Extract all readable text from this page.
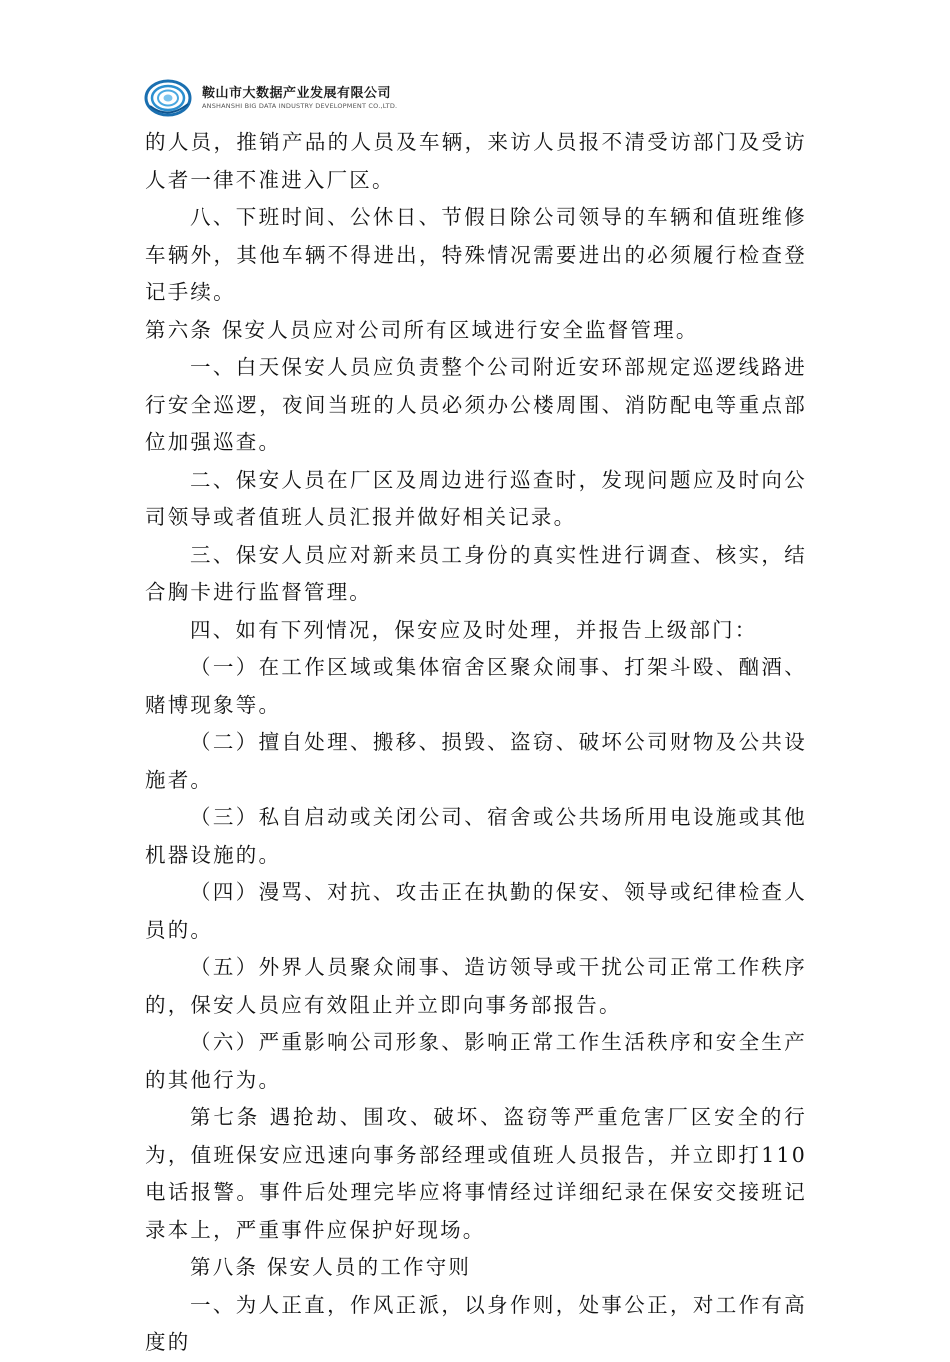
鞍山市大数据产业发展有限公司
ANSHANSHI BIG DATA INDUSTRY DEVELOPMENT CO.,LTD.

的人员，推销产品的人员及车辆，来访人员报不清受访部门及受访人者一律不准进入厂区。

八、下班时间、公休日、节假日除公司领导的车辆和值班维修车辆外，其他车辆不得进出，特殊情况需要进出的必须履行检查登记手续。

第六条 保安人员应对公司所有区域进行安全监督管理。

一、白天保安人员应负责整个公司附近安环部规定巡逻线路进行安全巡逻，夜间当班的人员必须办公楼周围、消防配电等重点部位加强巡查。

二、保安人员在厂区及周边进行巡查时，发现问题应及时向公司领导或者值班人员汇报并做好相关记录。

三、保安人员应对新来员工身份的真实性进行调查、核实，结合胸卡进行监督管理。

四、如有下列情况，保安应及时处理，并报告上级部门：

（一）在工作区域或集体宿舍区聚众闹事、打架斗殴、酗酒、赌博现象等。

（二）擅自处理、搬移、损毁、盗窃、破坏公司财物及公共设施者。

（三）私自启动或关闭公司、宿舍或公共场所用电设施或其他机器设施的。

（四）漫骂、对抗、攻击正在执勤的保安、领导或纪律检查人员的。

（五）外界人员聚众闹事、造访领导或干扰公司正常工作秩序的，保安人员应有效阻止并立即向事务部报告。

（六）严重影响公司形象、影响正常工作生活秩序和安全生产的其他行为。

第七条 遇抢劫、围攻、破坏、盗窃等严重危害厂区安全的行为，值班保安应迅速向事务部经理或值班人员报告，并立即打110电话报警。事件后处理完毕应将事情经过详细纪录在保安交接班记录本上，严重事件应保护好现场。

第八条 保安人员的工作守则

一、为人正直，作风正派，以身作则，处事公正，对工作有高度的
